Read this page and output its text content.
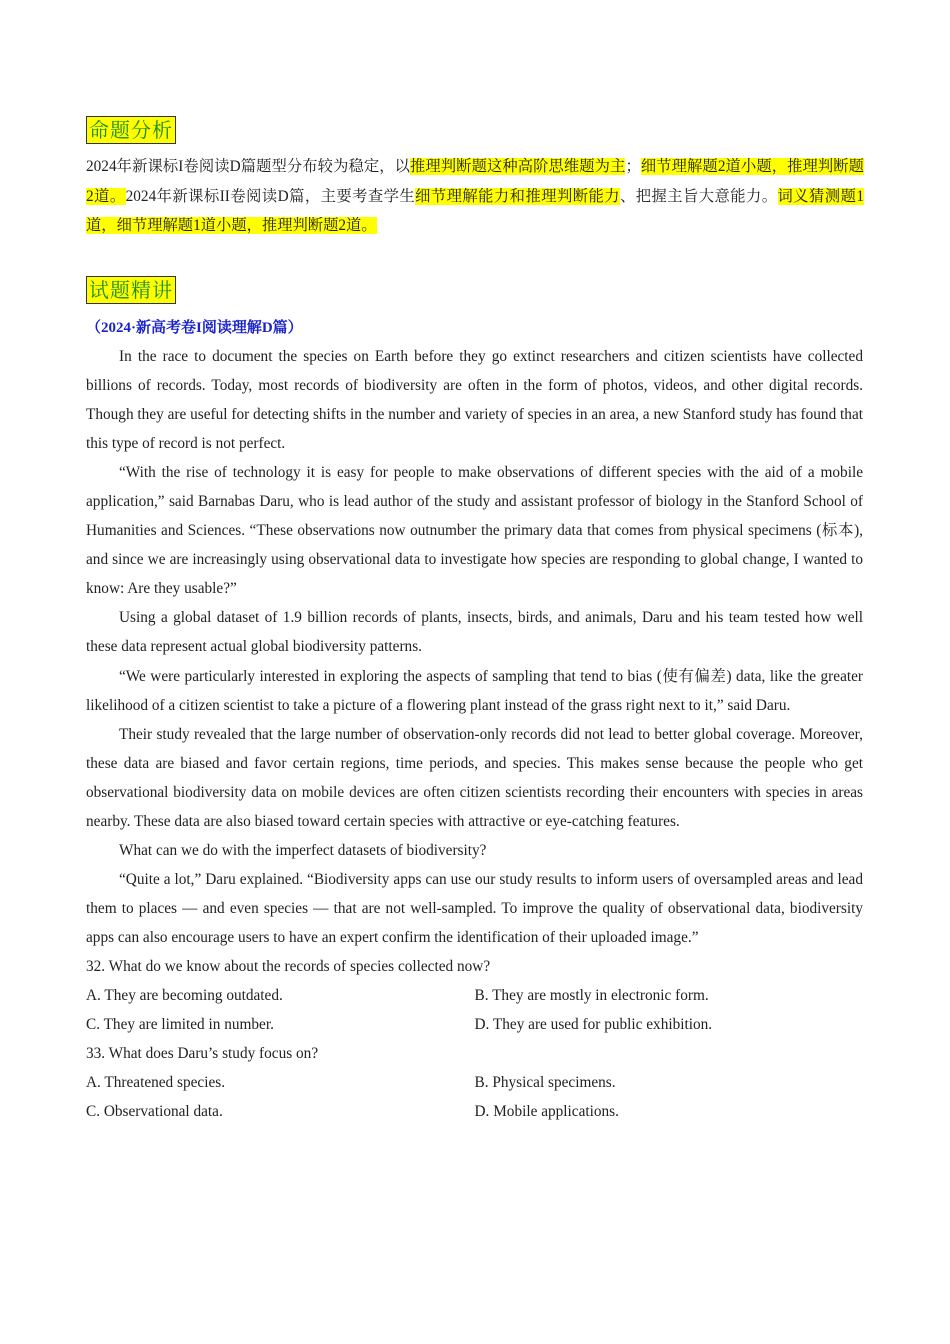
命题分析
2024年新课标I卷阅读D篇题型分布较为稳定，以推理判断题这种高阶思维题为主；细节理解题2道小题，推理判断题2道。2024年新课标II卷阅读D篇，主要考查学生细节理解能力和推理判断能力、把握主旨大意能力。词义猜测题1道，细节理解题1道小题，推理判断题2道。
试题精讲
（2024·新高考卷I阅读理解D篇）

In the race to document the species on Earth before they go extinct researchers and citizen scientists have collected billions of records. Today, most records of biodiversity are often in the form of photos, videos, and other digital records. Though they are useful for detecting shifts in the number and variety of species in an area, a new Stanford study has found that this type of record is not perfect.

“With the rise of technology it is easy for people to make observations of different species with the aid of a mobile application,” said Barnabas Daru, who is lead author of the study and assistant professor of biology in the Stanford School of Humanities and Sciences. “These observations now outnumber the primary data that comes from physical specimens (标本), and since we are increasingly using observational data to investigate how species are responding to global change, I wanted to know: Are they usable?”

Using a global dataset of 1.9 billion records of plants, insects, birds, and animals, Daru and his team tested how well these data represent actual global biodiversity patterns.

“We were particularly interested in exploring the aspects of sampling that tend to bias (使有偏差) data, like the greater likelihood of a citizen scientist to take a picture of a flowering plant instead of the grass right next to it,” said Daru.

Their study revealed that the large number of observation-only records did not lead to better global coverage. Moreover, these data are biased and favor certain regions, time periods, and species. This makes sense because the people who get observational biodiversity data on mobile devices are often citizen scientists recording their encounters with species in areas nearby. These data are also biased toward certain species with attractive or eye-catching features.

What can we do with the imperfect datasets of biodiversity?

“Quite a lot,” Daru explained. “Biodiversity apps can use our study results to inform users of oversampled areas and lead them to places — and even species — that are not well-sampled. To improve the quality of observational data, biodiversity apps can also encourage users to have an expert confirm the identification of their uploaded image.”

32. What do we know about the records of species collected now?
A. They are becoming outdated.	B. They are mostly in electronic form.
C. They are limited in number.	D. They are used for public exhibition.
33. What does Daru’s study focus on?
A. Threatened species.	B. Physical specimens.
C. Observational data.	D. Mobile applications.
